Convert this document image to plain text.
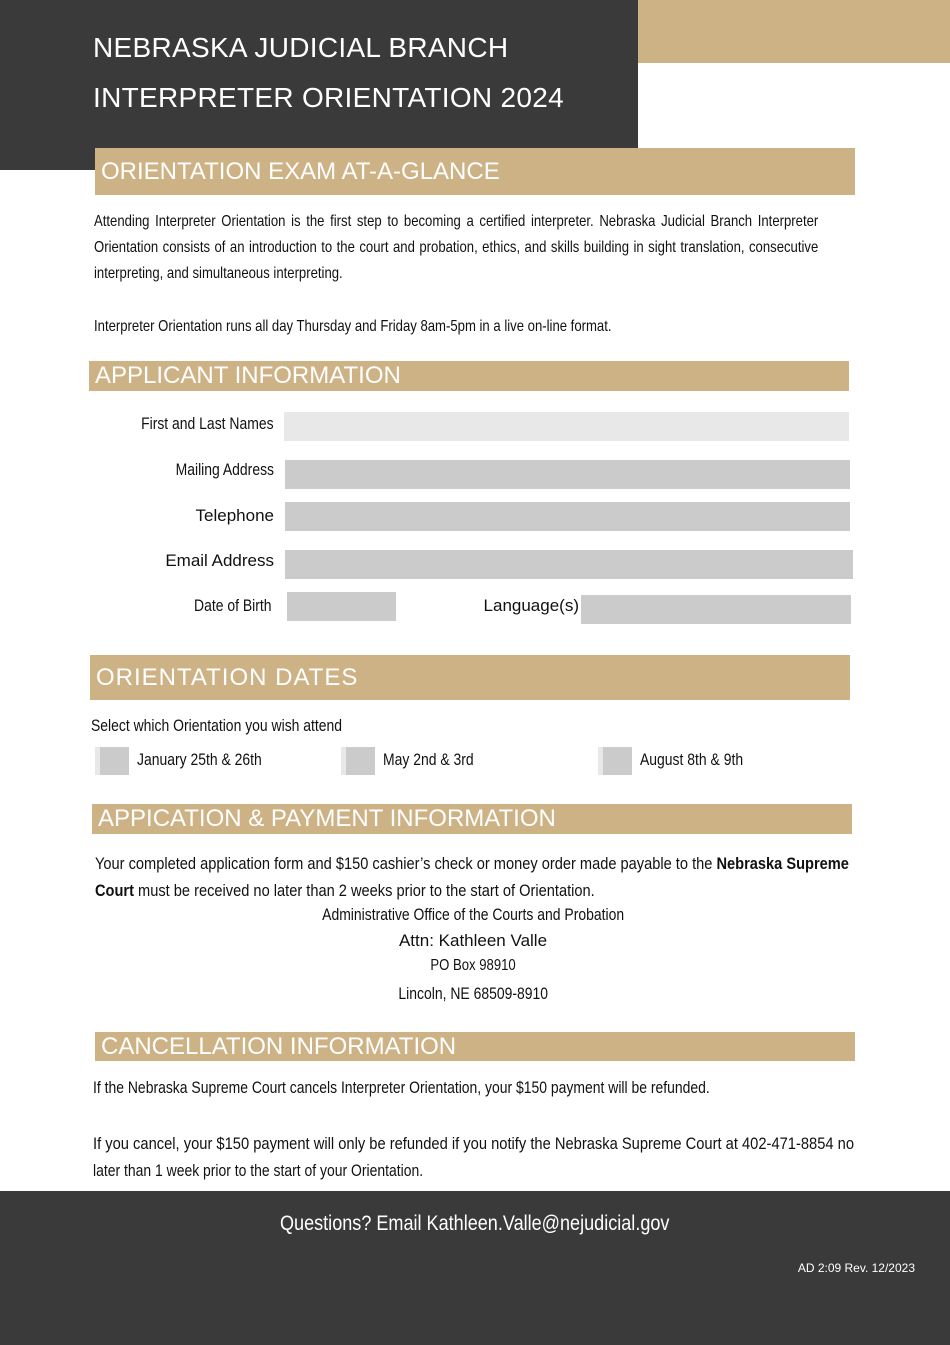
NEBRASKA JUDICIAL BRANCH
INTERPRETER ORIENTATION 2024
ORIENTATION EXAM AT-A-GLANCE
Attending Interpreter Orientation is the first step to becoming a certified interpreter. Nebraska Judicial Branch Interpreter Orientation consists of an introduction to the court and probation, ethics, and skills building in sight translation, consecutive interpreting, and simultaneous interpreting.
Interpreter Orientation runs all day Thursday and Friday 8am-5pm in a live on-line format.
APPLICANT INFORMATION
First and Last Names
Mailing Address
Telephone
Email Address
Date of Birth	Language(s)
ORIENTATION DATES
Select which Orientation you wish attend
January 25th & 26th	May 2nd & 3rd	August 8th & 9th
APPICATION & PAYMENT INFORMATION
Your completed application form and $150 cashier’s check or money order made payable to the Nebraska Supreme
Court must be received no later than 2 weeks prior to the start of Orientation.
Administrative Office of the Courts and Probation
Attn: Kathleen Valle
PO Box 98910
Lincoln, NE 68509-8910
CANCELLATION INFORMATION
If the Nebraska Supreme Court cancels Interpreter Orientation, your $150 payment will be refunded.
If you cancel, your $150 payment will only be refunded if you notify the Nebraska Supreme Court at 402-471-8854 no
later than 1 week prior to the start of your Orientation.
Questions? Email Kathleen.Valle@nejudicial.gov
AD 2:09 Rev. 12/2023
